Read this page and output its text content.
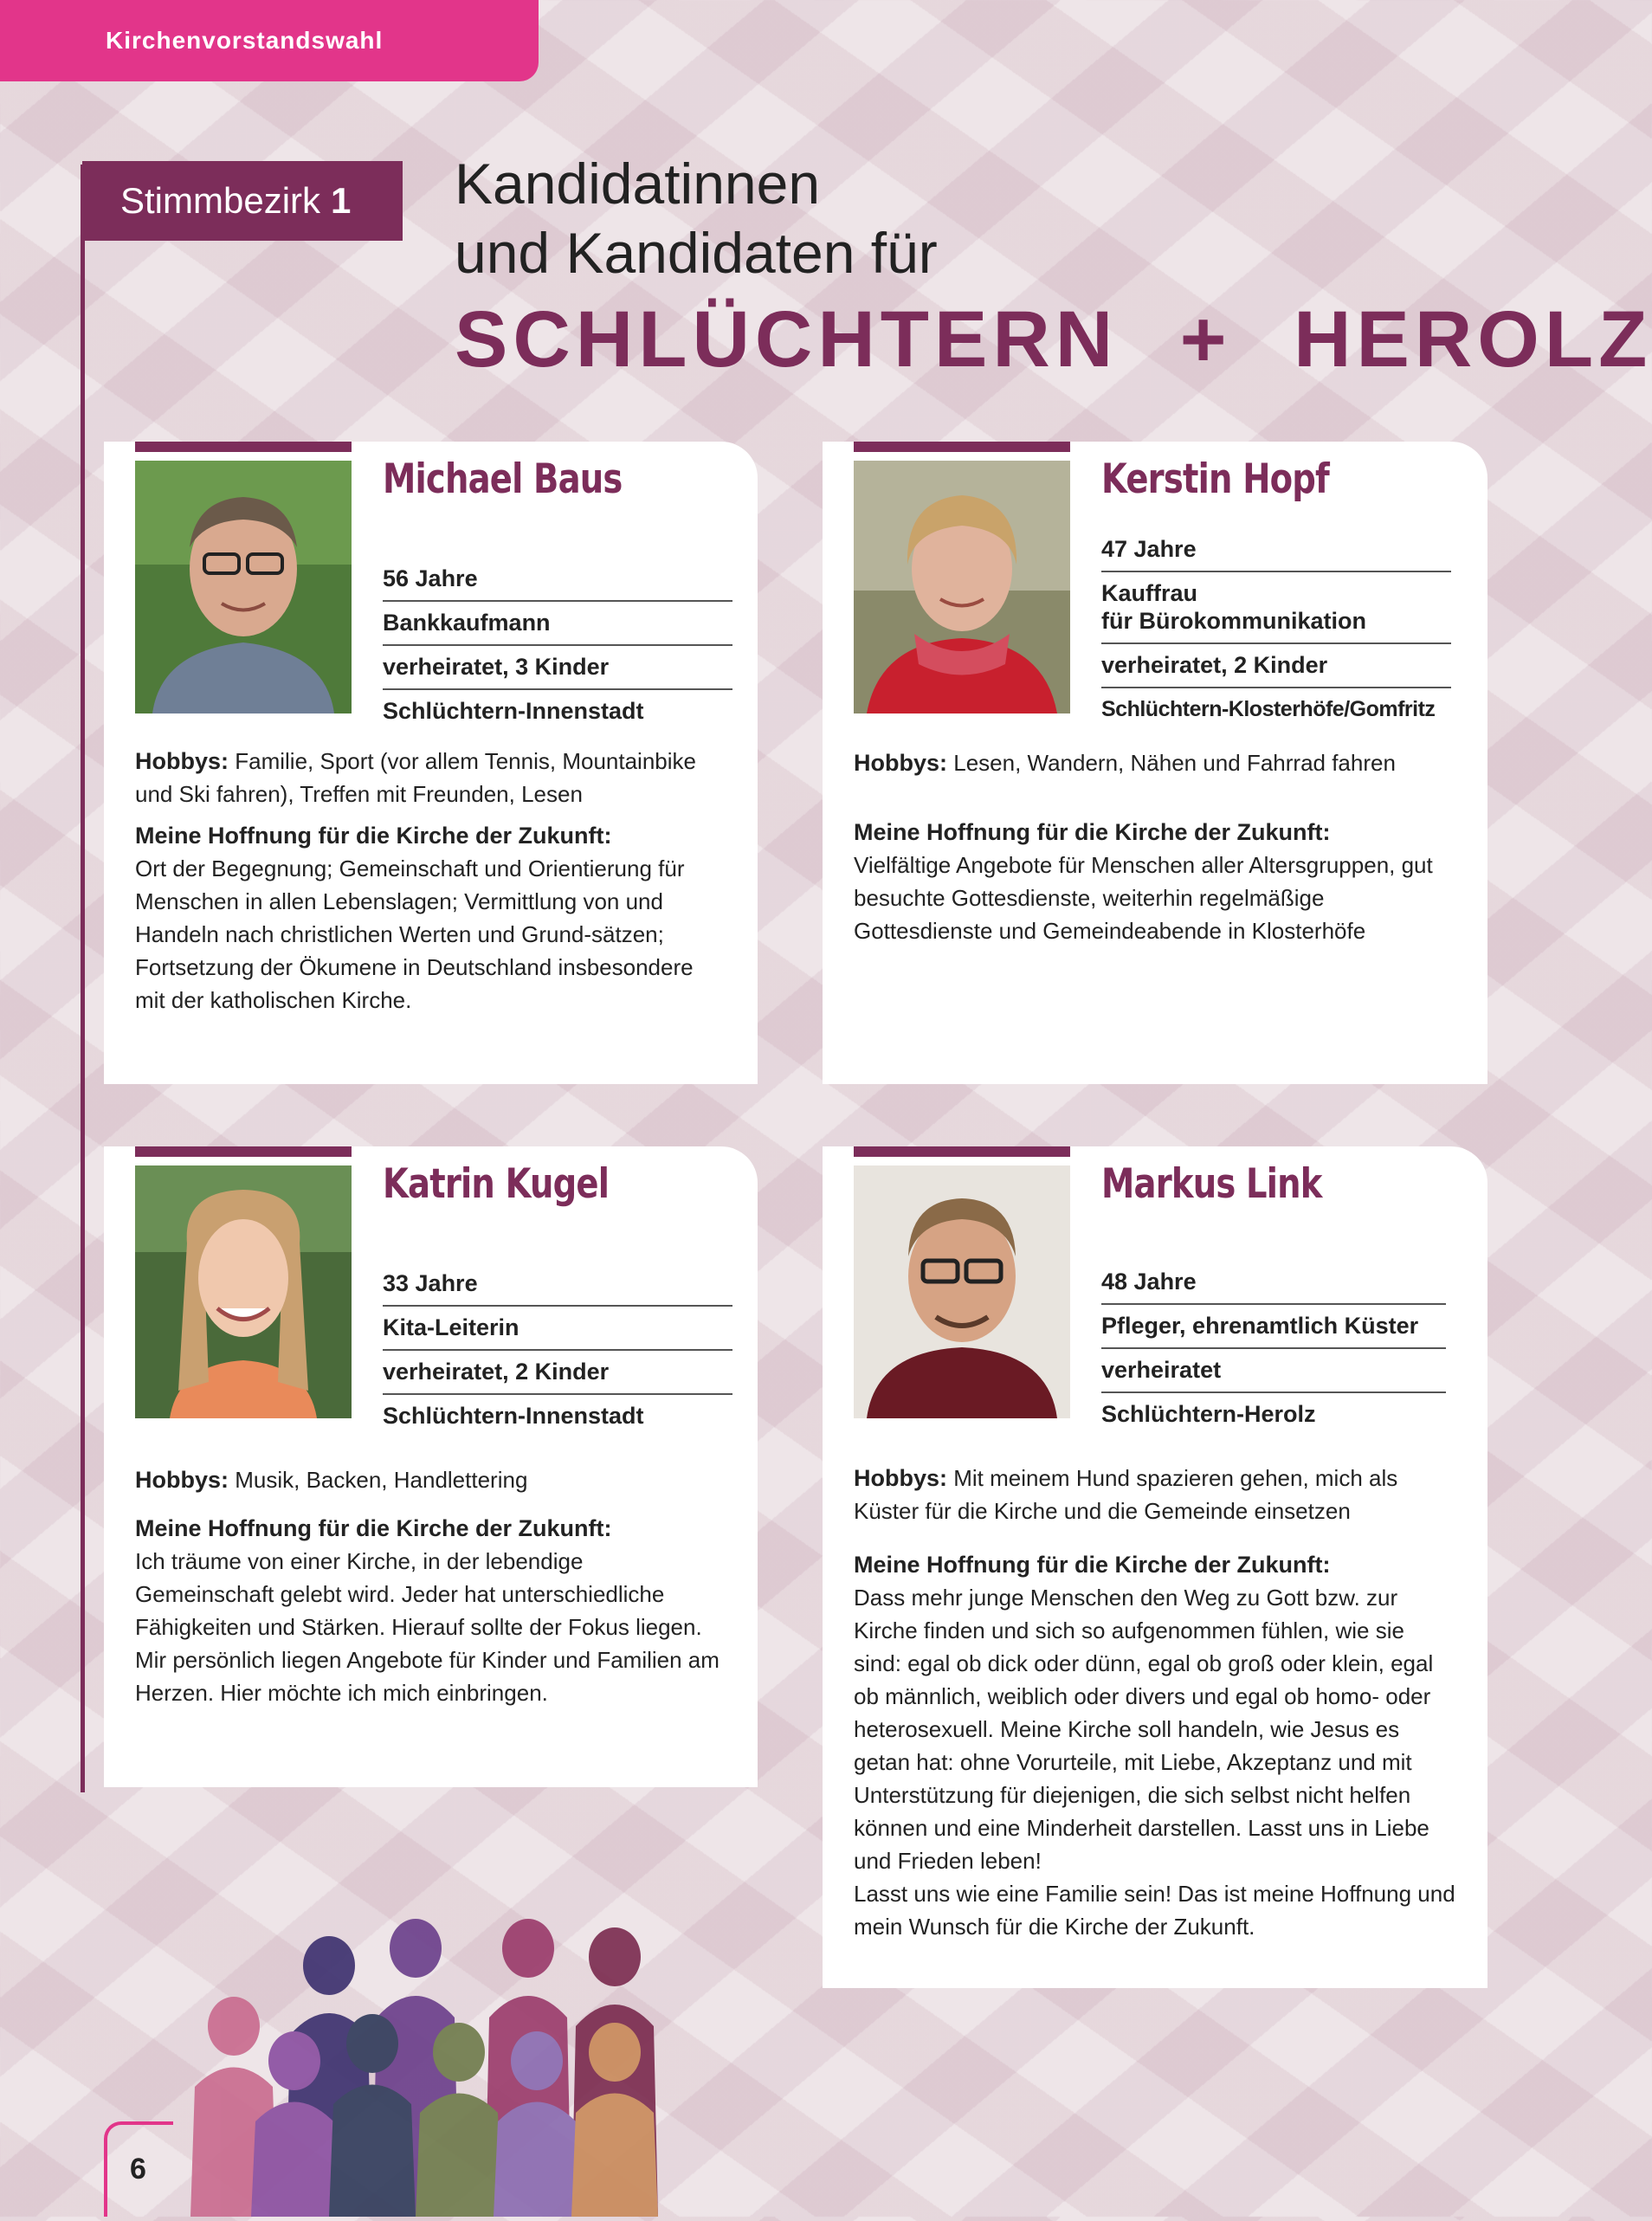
Kirchenvorstandswahl
Stimmbezirk 1 Kandidatinnen
und Kandidaten für
SCHLÜCHTERN + HEROLZ
Michael Baus
56 Jahre
Bankkaufmann
verheiratet, 3 Kinder
Schlüchtern-Innenstadt

Hobbys: Familie, Sport (vor allem Tennis, Mountainbike und Ski fahren), Treffen mit Freunden, Lesen

Meine Hoffnung für die Kirche der Zukunft:

Ort der Begegnung; Gemeinschaft und Orientierung für Menschen in allen Lebenslagen; Vermittlung von und Handeln nach christlichen Werten und Grund-sätzen; Fortsetzung der Ökumene in Deutschland insbesondere mit der katholischen Kirche.

Kerstin Hopf
47 Jahre
Kauffrau
für Bürokommunikation
verheiratet, 2 Kinder
Schlüchtern-Klosterhöfe/Gomfritz

Hobbys: Lesen, Wandern, Nähen und Fahrrad fahren

Meine Hoffnung für die Kirche der Zukunft:

Vielfältige Angebote für Menschen aller Altersgruppen, gut besuchte Gottesdienste, weiterhin regelmäßige Gottesdienste und Gemeindeabende in Klosterhöfe

Katrin Kugel
33 Jahre
Kita-Leiterin
verheiratet, 2 Kinder
Schlüchtern-Innenstadt

Hobbys: Musik, Backen, Handlettering

Meine Hoffnung für die Kirche der Zukunft:

Ich träume von einer Kirche, in der lebendige Gemeinschaft gelebt wird. Jeder hat unterschiedliche Fähigkeiten und Stärken. Hierauf sollte der Fokus liegen.
Mir persönlich liegen Angebote für Kinder und Familien am Herzen. Hier möchte ich mich einbringen.

Markus Link
48 Jahre
Pfleger, ehrenamtlich Küster
verheiratet
Schlüchtern-Herolz

Hobbys: Mit meinem Hund spazieren gehen, mich als Küster für die Kirche und die Gemeinde einsetzen

Meine Hoffnung für die Kirche der Zukunft:

Dass mehr junge Menschen den Weg zu Gott bzw. zur Kirche finden und sich so aufgenommen fühlen, wie sie sind: egal ob dick oder dünn, egal ob groß oder klein, egal ob männlich, weiblich oder divers und egal ob homo- oder heterosexuell. Meine Kirche soll handeln, wie Jesus es getan hat: ohne Vorurteile, mit Liebe, Akzeptanz und mit Unterstützung für diejenigen, die sich selbst nicht helfen können und eine Minderheit darstellen. Lasst uns in Liebe und Frieden leben!
Lasst uns wie eine Familie sein! Das ist meine Hoffnung und mein Wunsch für die Kirche der Zukunft.

6
